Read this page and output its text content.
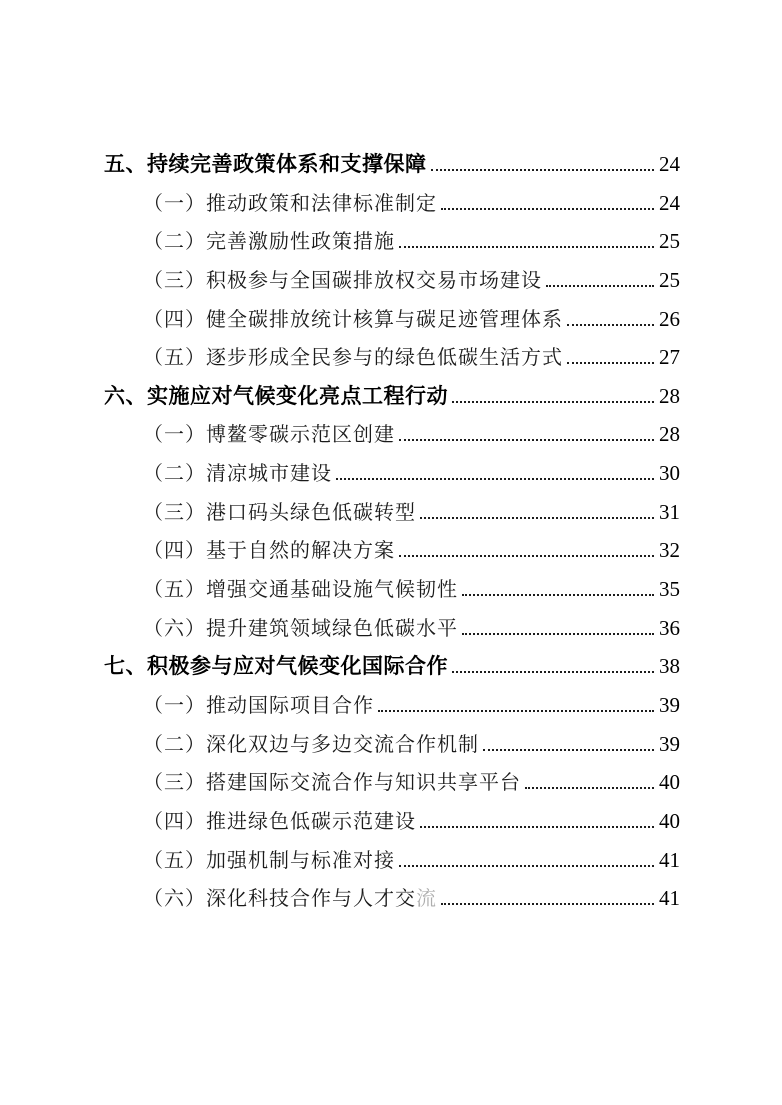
五、持续完善政策体系和支撑保障	24
（一）推动政策和法律标准制定	24
（二）完善激励性政策措施	25
（三）积极参与全国碳排放权交易市场建设	25
（四）健全碳排放统计核算与碳足迹管理体系	26
（五）逐步形成全民参与的绿色低碳生活方式	27
六、实施应对气候变化亮点工程行动	28
（一）博鳌零碳示范区创建	28
（二）清凉城市建设	30
（三）港口码头绿色低碳转型	31
（四）基于自然的解决方案	32
（五）增强交通基础设施气候韧性	35
（六）提升建筑领域绿色低碳水平	36
七、积极参与应对气候变化国际合作	38
（一）推动国际项目合作	39
（二）深化双边与多边交流合作机制	39
（三）搭建国际交流合作与知识共享平台	40
（四）推进绿色低碳示范建设	40
（五）加强机制与标准对接	41
（六）深化科技合作与人才交 流	41
